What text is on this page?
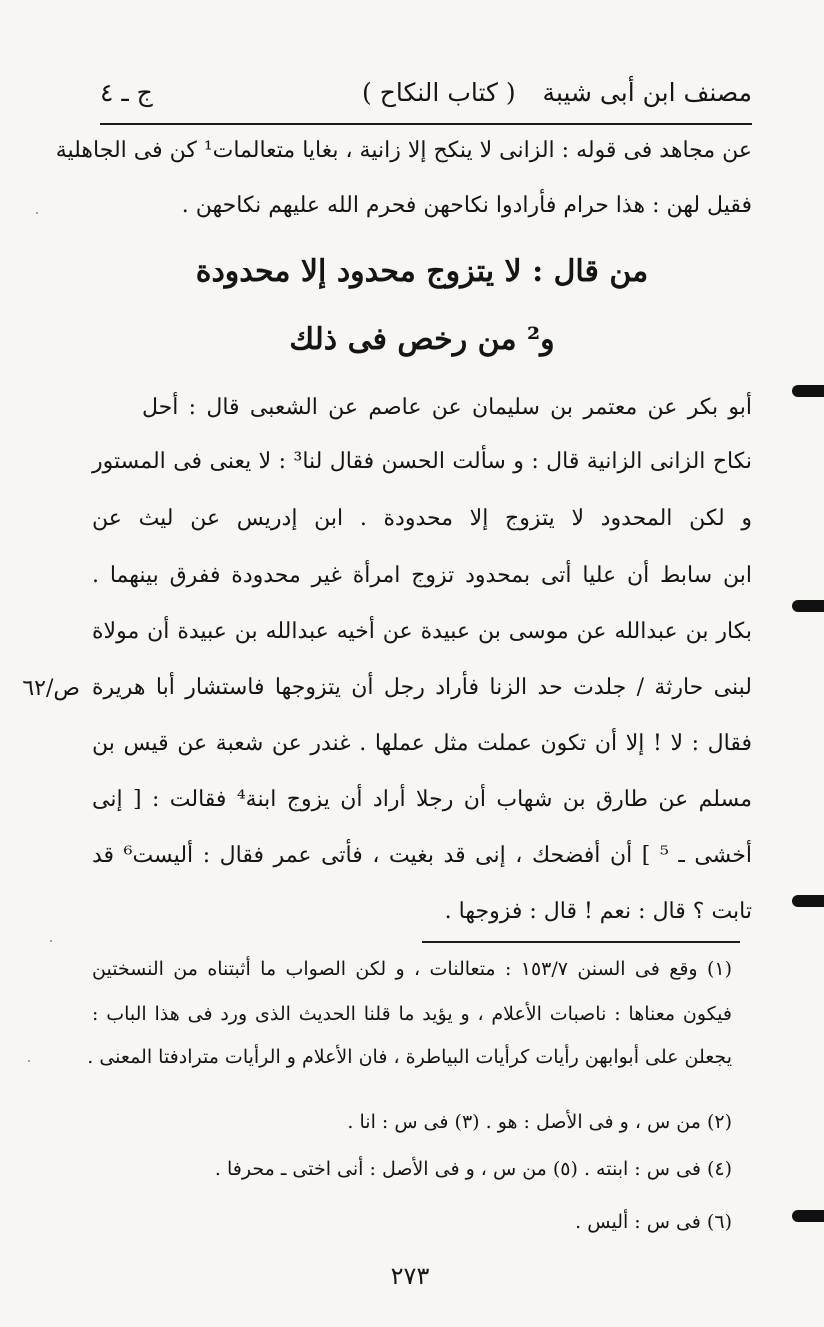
مصنف ابن أبی شیبة
( کتاب النکاح )
ج ـ ٤
عن مجاهد فی قوله : الزانی لا ینکح إلا زانیة ، بغایا متعالمات¹ کن فی الجاهلیة
فقیل لهن : هذا حرام فأرادوا نکاحهن فحرم الله علیهم نکاحهن .
من قال : لا یتزوج محدود إلا محدودة
و² من رخص فی ذلك
أبو بکر عن معتمر بن سلیمان عن عاصم عن الشعبی قال : أحل
نکاح الزانی الزانیة قال : و سألت الحسن فقال لنا³ : لا یعنی فی المستور
و لکن المحدود لا یتزوج إلا محدودة . ابن إدریس عن لیث عن
ابن سابط أن علیا أتی بمحدود تزوج امرأة غیر محدودة ففرق بینهما .
بکار بن عبدالله عن موسى بن عبیدة عن أخیه عبدالله بن عبیدة أن مولاة
لبنی حارثة / جلدت حد الزنا فأراد رجل أن یتزوجها فاستشار أبا هریرة
فقال : لا ! إلا أن تکون عملت مثل عملها . غندر عن شعبة عن قیس بن
مسلم عن طارق بن شهاب أن رجلا أراد أن یزوج ابنة⁴ فقالت : [ إنی
أخشى ـ ⁵ ] أن أفضحك ، إنی قد بغیت ، فأتى عمر فقال : ألیست⁶ قد
تابت ؟ قال : نعم ! قال : فزوجها .
ص/٦٢
(١) وقع فی السنن ١٥٣/٧ : متعالنات ، و لکن الصواب ما أثبتناه من النسختین
فیکون معناها : ناصبات الأعلام ، و یؤید ما قلنا الحدیث الذی ورد فی هذا الباب :
یجعلن علی أبوابهن رأیات کرأیات البیاطرة ، فان الأعلام و الرأیات مترادفتا المعنى .
(٢) من س ، و فی الأصل : هو . (٣) فی س : انا .
(٤) فی س : ابنته . (٥) من س ، و فی الأصل : أنی اختی ـ محرفا .
(٦) فی س : ألیس .
٢٧٣
